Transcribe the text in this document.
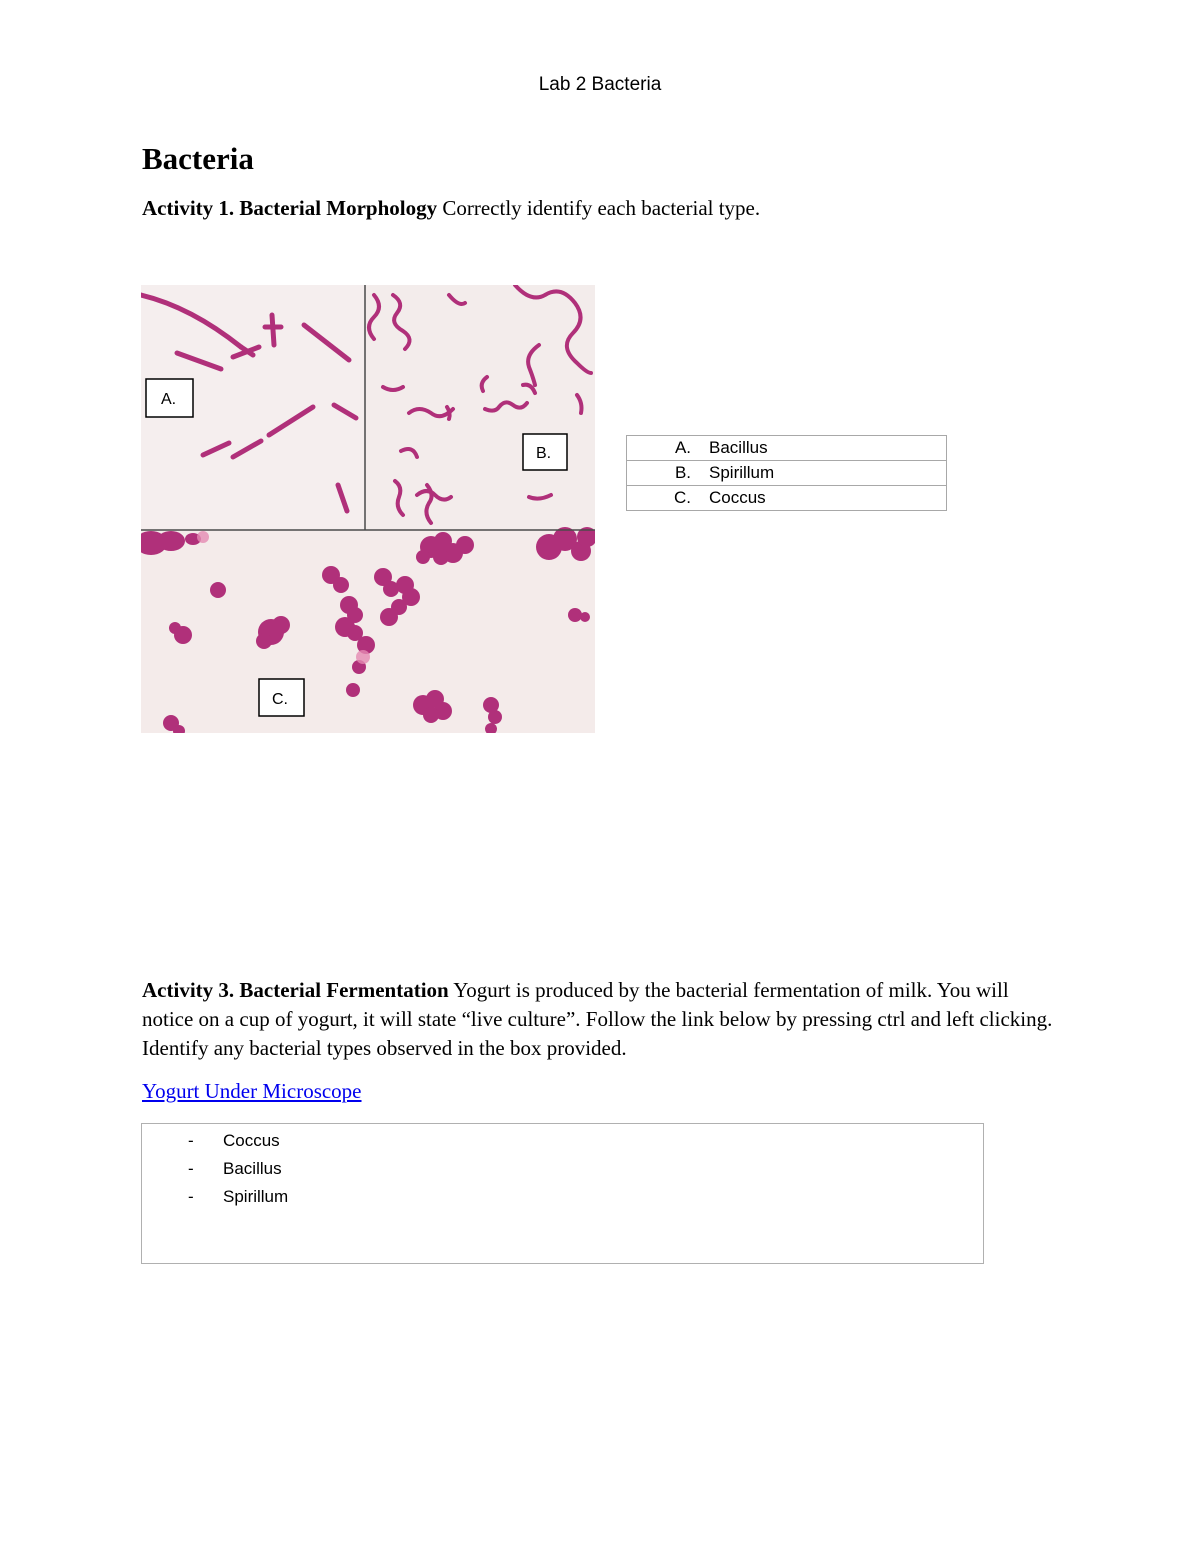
Lab 2 Bacteria
Bacteria
Activity 1. Bacterial Morphology Correctly identify each bacterial type.
A.
B.
C.
A. Bacillus
B. Spirillum
C. Coccus
Activity 3. Bacterial Fermentation Yogurt is produced by the bacterial fermentation of milk. You will notice on a cup of yogurt, it will state “live culture”. Follow the link below by pressing ctrl and left clicking. Identify any bacterial types observed in the box provided.
Yogurt Under Microscope
- Coccus
- Bacillus
- Spirillum
